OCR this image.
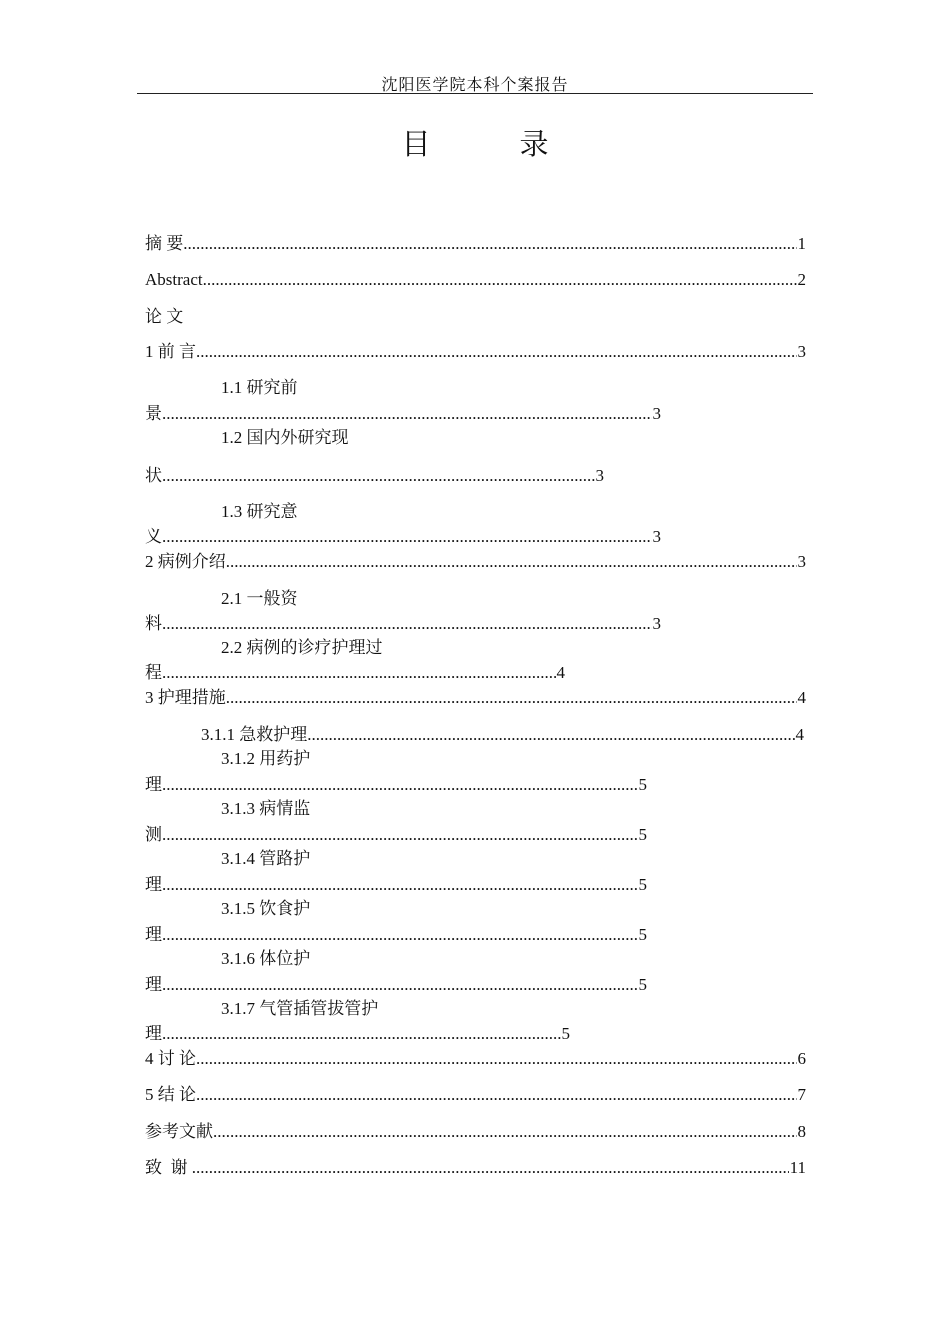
沈阳医学院本科个案报告
目　录
摘 要 .....	1
Abstract .....	2
论 文
1 前 言 .....	3
1.1 研究前
景 .....	3
1.2 国内外研究现
状 .....	3
1.3 研究意
义 .....	3
2 病例介绍 .....	3
2.1 一般资
料 .....	3
2.2 病例的诊疗护理过
程 .....	4
3 护理措施 .....	4
3.1.1 急救护理 .....	4
3.1.2 用药护
理 .....	5
3.1.3 病情监
测 .....	5
3.1.4 管路护
理 .....	5
3.1.5 饮食护
理 .....	5
3.1.6 体位护
理 .....	5
3.1.7 气管插管拔管护
理 .....	5
4 讨 论 .....	6
5 结 论 .....	7
参考文献. .....	8
致  谢 .....	11
